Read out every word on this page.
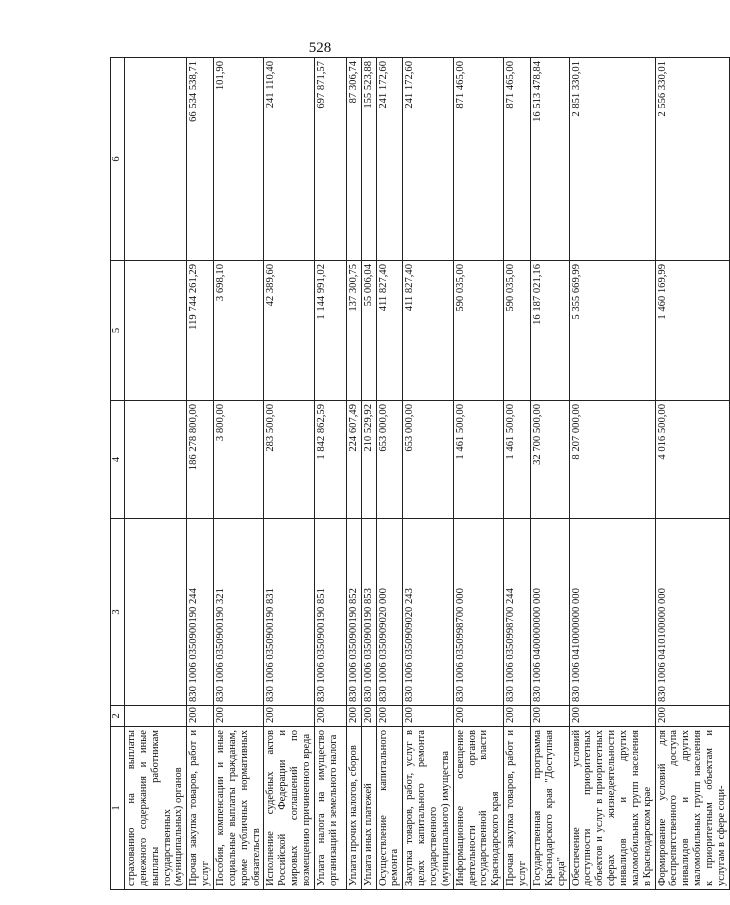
528
1	2	3	4	5	6
страхованию на выплаты денежного содержания и иные выплаты работникам государственных (муниципальных) органов					
Прочая закупка товаров, работ и услуг	200	830 1006 0350900190 244	186 278 800,00	119 744 261,29	66 534 538,71
Пособия, компенсации и иные социальные выплаты гражданам, кроме публичных нормативных обязательств	200	830 1006 0350900190 321	3 800,00	3 698,10	101,90
Исполнение судебных актов Российской Федерации и мировых соглашений по возмещению причиненного вреда	200	830 1006 0350900190 831	283 500,00	42 389,60	241 110,40
Уплата налога на имущество организаций и земельного налога	200	830 1006 0350900190 851	1 842 862,59	1 144 991,02	697 871,57
Уплата прочих налогов, сборов	200	830 1006 0350900190 852	224 607,49	137 300,75	87 306,74
Уплата иных платежей	200	830 1006 0350900190 853	210 529,92	55 006,04	155 523,88
Осуществление капитального ремонта	200	830 1006 0350909020 000	653 000,00	411 827,40	241 172,60
Закупка товаров, работ, услуг в целях капитального ремонта государственного (муниципального) имущества	200	830 1006 0350909020 243	653 000,00	411 827,40	241 172,60
Информационное освещение деятельности органов государственной власти Краснодарского края	200	830 1006 0350998700 000	1 461 500,00	590 035,00	871 465,00
Прочая закупка товаров, работ и услуг	200	830 1006 0350998700 244	1 461 500,00	590 035,00	871 465,00
Государственная программа Краснодарского края "Доступная среда"	200	830 1006 0400000000 000	32 700 500,00	16 187 021,16	16 513 478,84
Обеспечение условий доступности приоритетных объектов и услуг в приоритетных сферах жизнедеятельности инвалидов и других маломобильных групп населения в Краснодарском крае	200	830 1006 0410000000 000	8 207 000,00	5 355 669,99	2 851 330,01
Формирование условий для беспрепятственного доступа инвалидов и других маломобильных групп населения к приоритетным объектам и услугам в сфере соци-	200	830 1006 0410100000 000	4 016 500,00	1 460 169,99	2 556 330,01
